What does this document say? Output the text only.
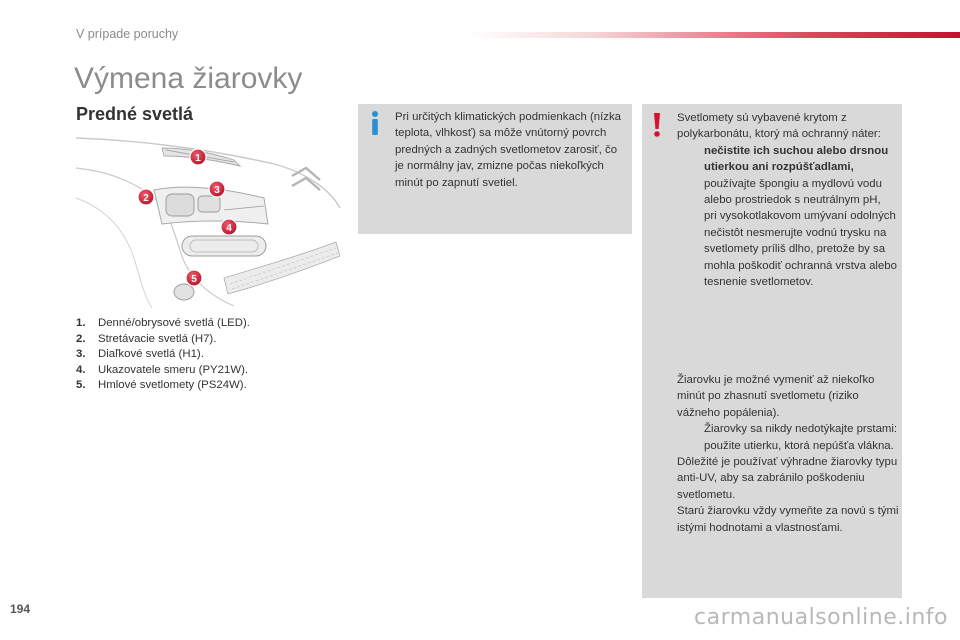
V prípade poruchy
Výmena žiarovky
Predné svetlá
1
2
3
4
5
1. Denné/obrysové svetlá (LED).
2. Stretávacie svetlá (H7).
3. Diaľkové svetlá (H1).
4. Ukazovatele smeru (PY21W).
5. Hmlové svetlomety (PS24W).
Pri určitých klimatických podmienkach (nízka teplota, vlhkosť) sa môže vnútorný povrch predných a zadných svetlometov zarosiť, čo je normálny jav, zmizne počas niekoľkých minút po zapnutí svetiel.

Svetlomety sú vybavené krytom z polykarbonátu, ktorý má ochranný náter:

nečistite ich suchou alebo drsnou utierkou ani rozpúšťadlami,

používajte špongiu a mydlovú vodu alebo prostriedok s neutrálnym pH,

pri vysokotlakovom umývaní odolných nečistôt nesmerujte vodnú trysku na svetlomety príliš dlho, pretože by sa mohla poškodiť ochranná vrstva alebo tesnenie svetlometov.

Žiarovku je možné vymeniť až niekoľko minút po zhasnutí svetlometu (riziko vážneho popálenia).

Žiarovky sa nikdy nedotýkajte prstami: použite utierku, ktorá nepúšťa vlákna.

Dôležité je používať výhradne žiarovky typu anti-UV, aby sa zabránilo poškodeniu svetlometu.

Starú žiarovku vždy vymeňte za novú s tými istými hodnotami a vlastnosťami.

194	carmanualsonline.info
